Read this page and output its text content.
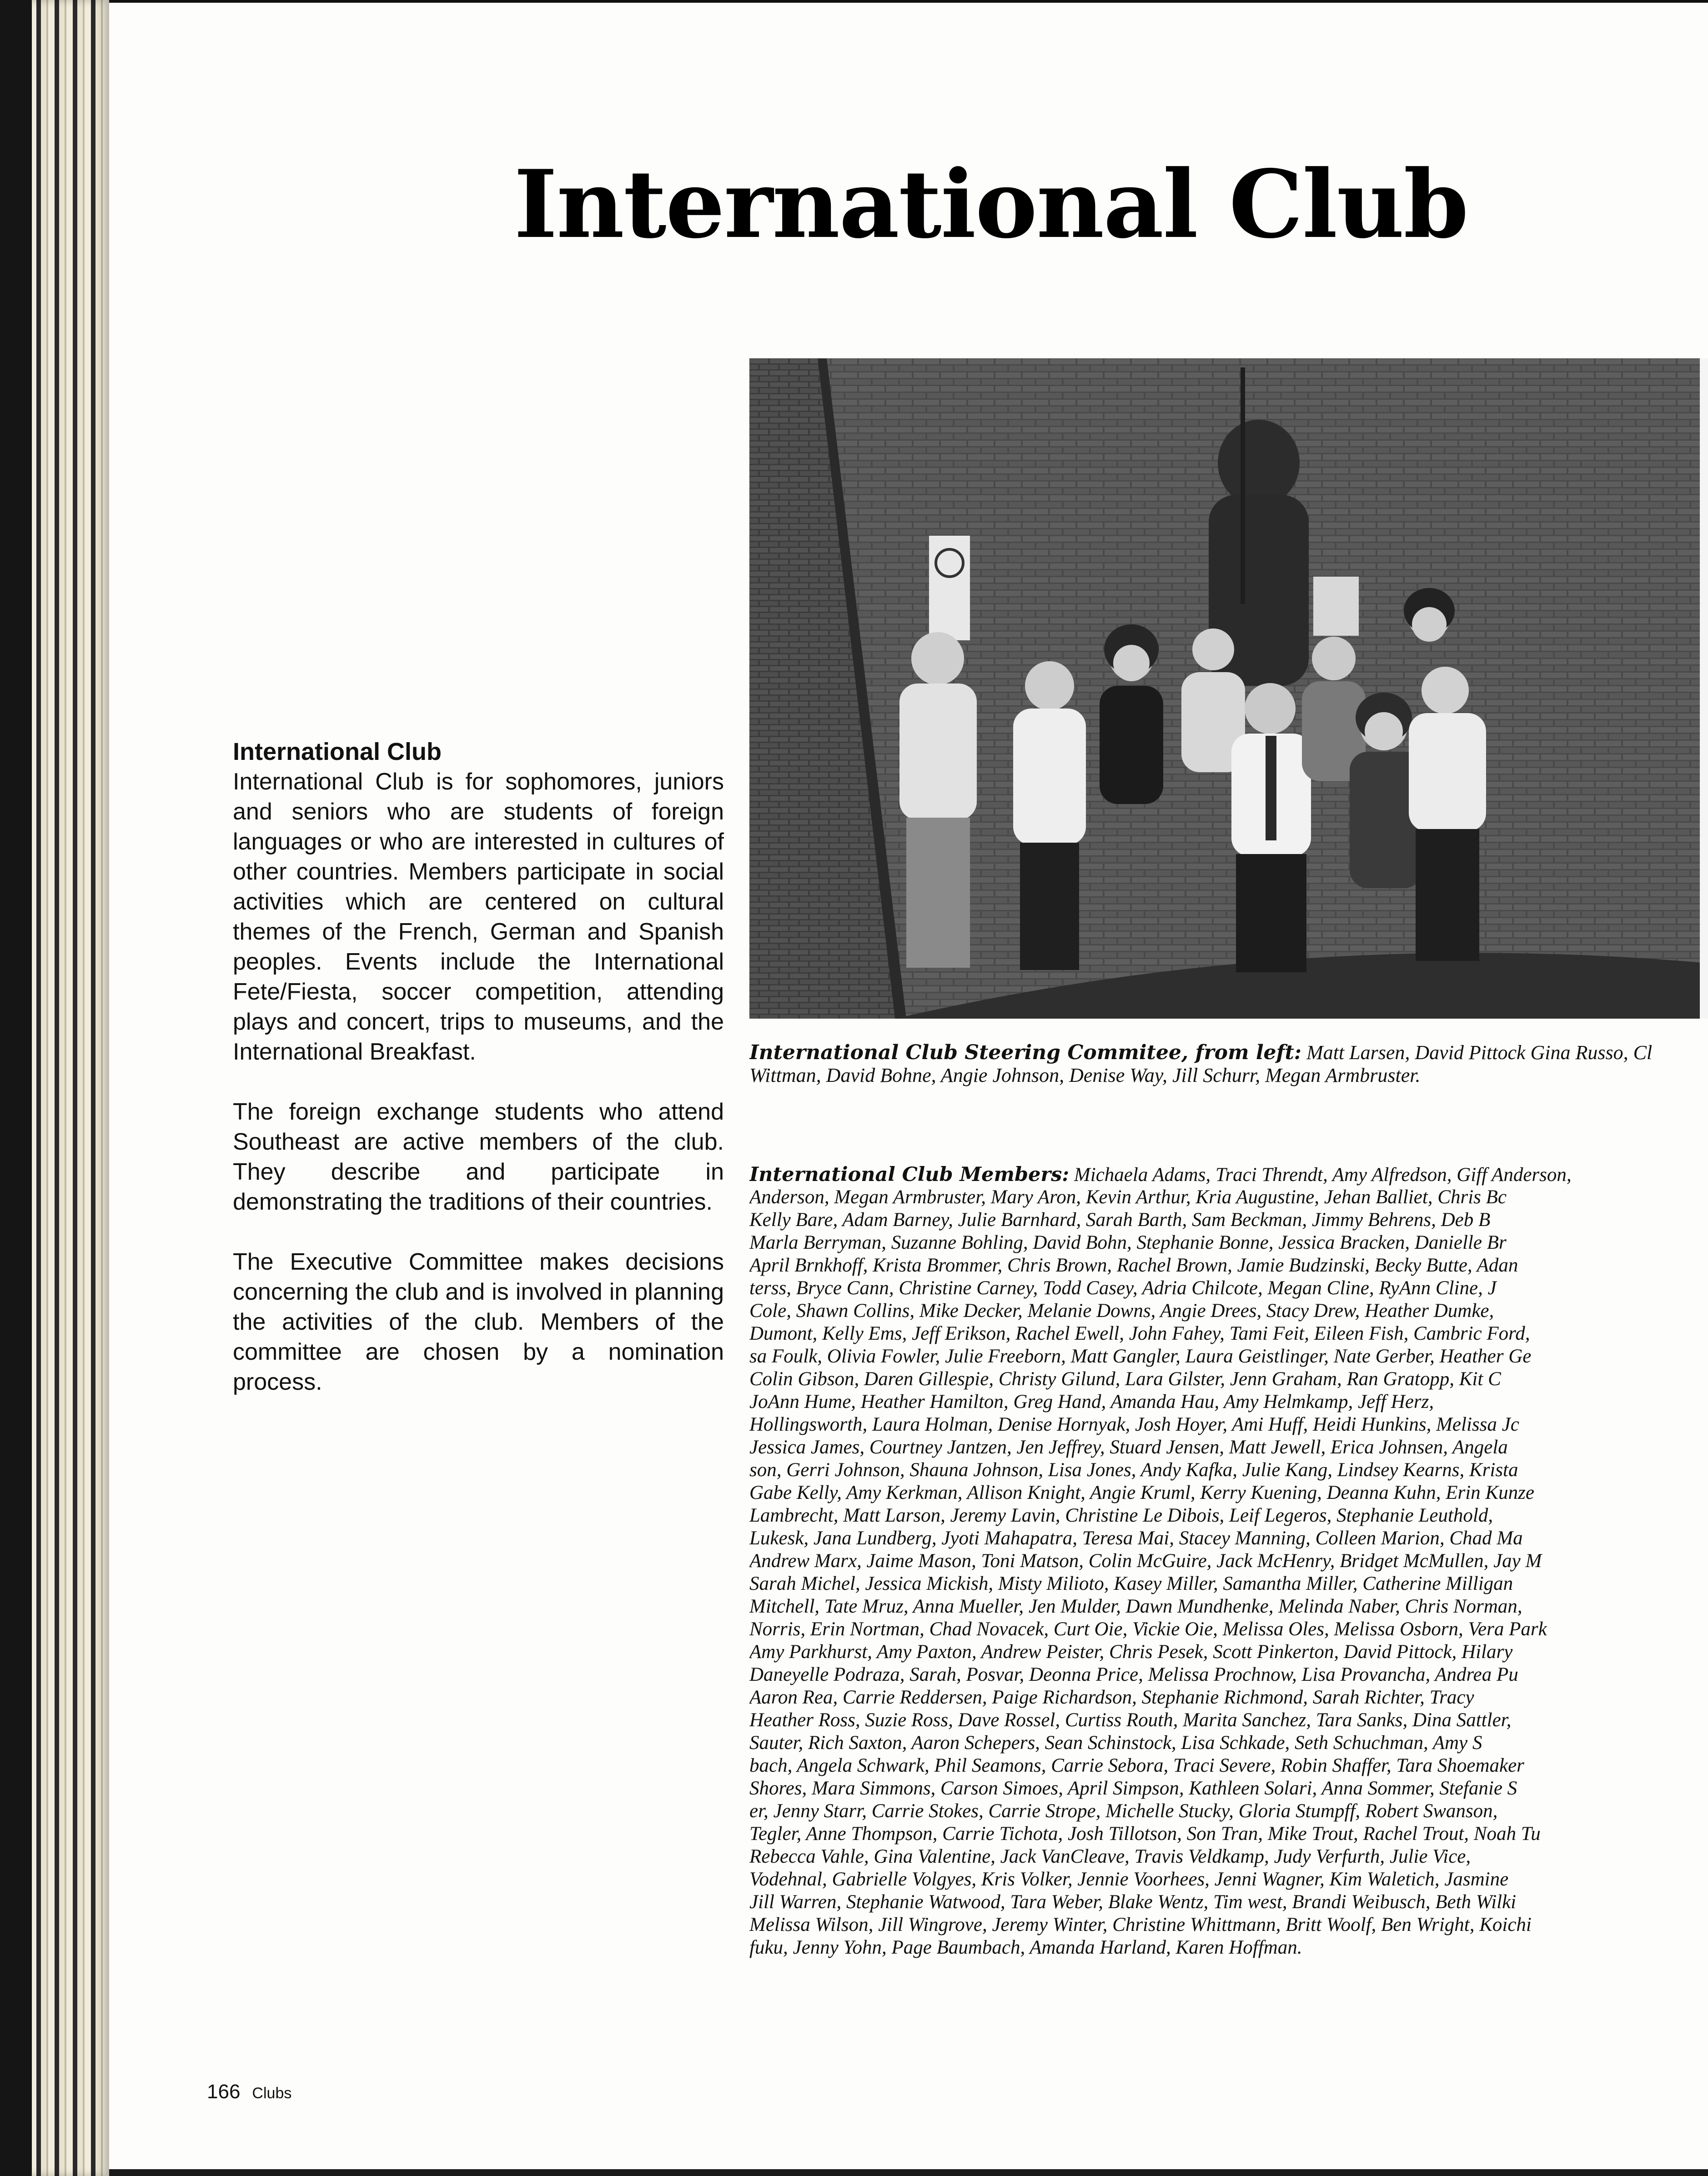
International Club
International Club

International Club is for sophomores, juniors and seniors who are students of foreign languages or who are interested in cultures of other countries. Members participate in social activities which are centered on cultural themes of the French, German and Spanish peoples. Events include the International Fete/Fiesta, soccer competition, attending plays and concert, trips to museums, and the International Breakfast.

The foreign exchange students who attend Southeast are active members of the club. They describe and participate in demonstrating the traditions of their countries.

The Executive Committee makes decisions concerning the club and is involved in planning the activities of the club. Members of the committee are chosen by a nomination process.

International Club Steering Commitee, from left: Matt Larsen, David Pittock Gina Russo, Cl
Wittman, David Bohne, Angie Johnson, Denise Way, Jill Schurr, Megan Armbruster.
International Club Members: Michaela Adams, Traci Threndt, Amy Alfredson, Giff Anderson,
Anderson, Megan Armbruster, Mary Aron, Kevin Arthur, Kria Augustine, Jehan Balliet, Chris Bc
Kelly Bare, Adam Barney, Julie Barnhard, Sarah Barth, Sam Beckman, Jimmy Behrens, Deb B
Marla Berryman, Suzanne Bohling, David Bohn, Stephanie Bonne, Jessica Bracken, Danielle Br
April Brnkhoff, Krista Brommer, Chris Brown, Rachel Brown, Jamie Budzinski, Becky Butte, Adan
terss, Bryce Cann, Christine Carney, Todd Casey, Adria Chilcote, Megan Cline, RyAnn Cline, J
Cole, Shawn Collins, Mike Decker, Melanie Downs, Angie Drees, Stacy Drew, Heather Dumke,
Dumont, Kelly Ems, Jeff Erikson, Rachel Ewell, John Fahey, Tami Feit, Eileen Fish, Cambric Ford,
sa Foulk, Olivia Fowler, Julie Freeborn, Matt Gangler, Laura Geistlinger, Nate Gerber, Heather Ge
Colin Gibson, Daren Gillespie, Christy Gilund, Lara Gilster, Jenn Graham, Ran Gratopp, Kit C
JoAnn Hume, Heather Hamilton, Greg Hand, Amanda Hau, Amy Helmkamp, Jeff Herz,
Hollingsworth, Laura Holman, Denise Hornyak, Josh Hoyer, Ami Huff, Heidi Hunkins, Melissa Jc
Jessica James, Courtney Jantzen, Jen Jeffrey, Stuard Jensen, Matt Jewell, Erica Johnsen, Angela
son, Gerri Johnson, Shauna Johnson, Lisa Jones, Andy Kafka, Julie Kang, Lindsey Kearns, Krista
Gabe Kelly, Amy Kerkman, Allison Knight, Angie Kruml, Kerry Kuening, Deanna Kuhn, Erin Kunze
Lambrecht, Matt Larson, Jeremy Lavin, Christine Le Dibois, Leif Legeros, Stephanie Leuthold,
Lukesk, Jana Lundberg, Jyoti Mahapatra, Teresa Mai, Stacey Manning, Colleen Marion, Chad Ma
Andrew Marx, Jaime Mason, Toni Matson, Colin McGuire, Jack McHenry, Bridget McMullen, Jay M
Sarah Michel, Jessica Mickish, Misty Milioto, Kasey Miller, Samantha Miller, Catherine Milligan
Mitchell, Tate Mruz, Anna Mueller, Jen Mulder, Dawn Mundhenke, Melinda Naber, Chris Norman,
Norris, Erin Nortman, Chad Novacek, Curt Oie, Vickie Oie, Melissa Oles, Melissa Osborn, Vera Park
Amy Parkhurst, Amy Paxton, Andrew Peister, Chris Pesek, Scott Pinkerton, David Pittock, Hilary
Daneyelle Podraza, Sarah, Posvar, Deonna Price, Melissa Prochnow, Lisa Provancha, Andrea Pu
Aaron Rea, Carrie Reddersen, Paige Richardson, Stephanie Richmond, Sarah Richter, Tracy
Heather Ross, Suzie Ross, Dave Rossel, Curtiss Routh, Marita Sanchez, Tara Sanks, Dina Sattler,
Sauter, Rich Saxton, Aaron Schepers, Sean Schinstock, Lisa Schkade, Seth Schuchman, Amy S
bach, Angela Schwark, Phil Seamons, Carrie Sebora, Traci Severe, Robin Shaffer, Tara Shoemaker
Shores, Mara Simmons, Carson Simoes, April Simpson, Kathleen Solari, Anna Sommer, Stefanie S
er, Jenny Starr, Carrie Stokes, Carrie Strope, Michelle Stucky, Gloria Stumpff, Robert Swanson,
Tegler, Anne Thompson, Carrie Tichota, Josh Tillotson, Son Tran, Mike Trout, Rachel Trout, Noah Tu
Rebecca Vahle, Gina Valentine, Jack VanCleave, Travis Veldkamp, Judy Verfurth, Julie Vice,
Vodehnal, Gabrielle Volgyes, Kris Volker, Jennie Voorhees, Jenni Wagner, Kim Waletich, Jasmine
Jill Warren, Stephanie Watwood, Tara Weber, Blake Wentz, Tim west, Brandi Weibusch, Beth Wilki
Melissa Wilson, Jill Wingrove, Jeremy Winter, Christine Whittmann, Britt Woolf, Ben Wright, Koichi
fuku, Jenny Yohn, Page Baumbach, Amanda Harland, Karen Hoffman.
166 Clubs
